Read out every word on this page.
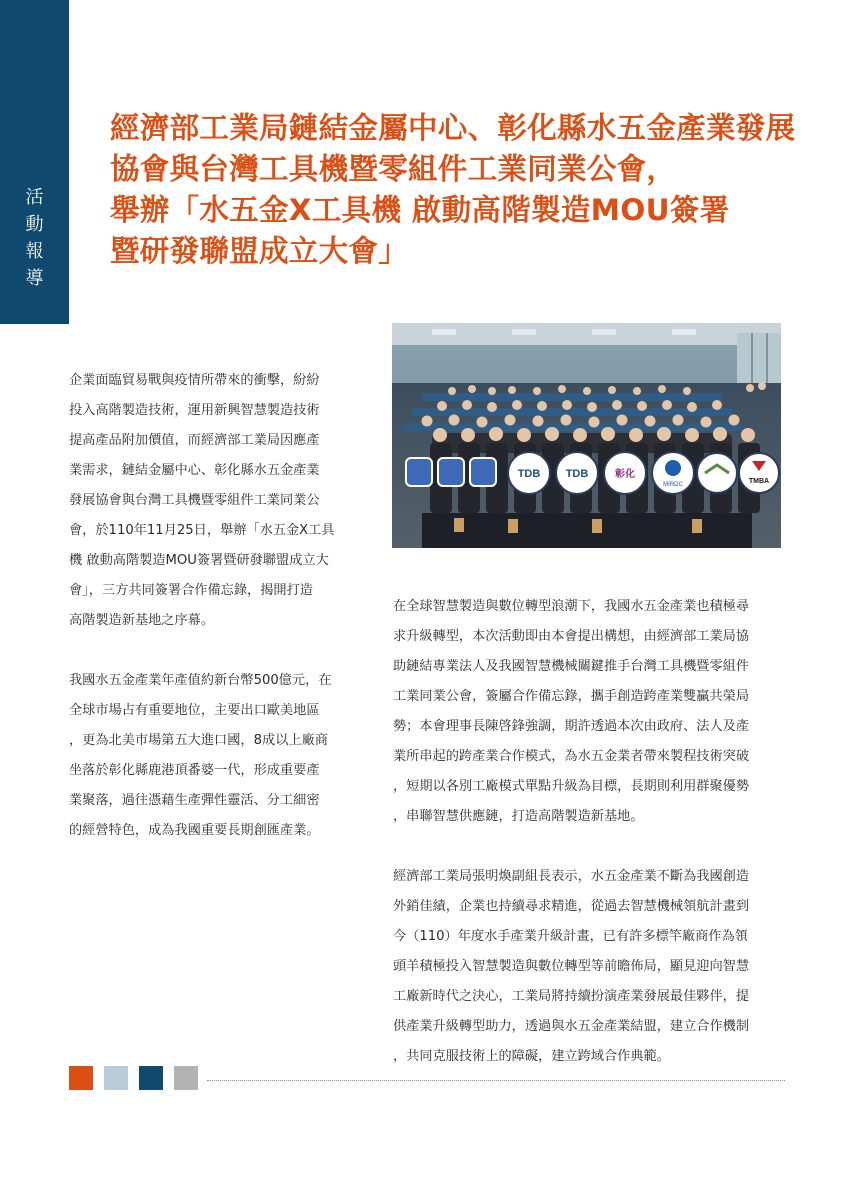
活
動
報
導
經濟部工業局鏈結金屬中心、彰化縣水五金產業發展
協會與台灣工具機暨零組件工業同業公會，
舉辦「水五金X工具機 啟動高階製造MOU簽署
暨研發聯盟成立大會」
TDB TDB	彰化
MIRDC	TMBA

企業面臨貿易戰與疫情所帶來的衝擊，紛紛
投入高階製造技術，運用新興智慧製造技術
提高產品附加價值，而經濟部工業局因應產
業需求，鏈結金屬中心、彰化縣水五金產業
發展協會與台灣工具機暨零組件工業同業公
會，於110年11月25日，舉辦「水五金X工具
機 啟動高階製造MOU簽署暨研發聯盟成立大
會」，三方共同簽署合作備忘錄，揭開打造
高階製造新基地之序幕。

我國水五金產業年產值約新台幣500億元，在
全球市場占有重要地位，主要出口歐美地區
，更為北美市場第五大進口國，8成以上廠商
坐落於彰化縣鹿港頂番婆一代，形成重要產
業聚落，過往憑藉生產彈性靈活、分工細密
的經營特色，成為我國重要長期創匯產業。

在全球智慧製造與數位轉型浪潮下，我國水五金產業也積極尋
求升級轉型，本次活動即由本會提出構想，由經濟部工業局協
助鏈結專業法人及我國智慧機械關鍵推手台灣工具機暨零組件
工業同業公會，簽屬合作備忘錄，攜手創造跨產業雙贏共榮局
勢；本會理事長陳啓鋒強調，期許透過本次由政府、法人及產
業所串起的跨產業合作模式，為水五金業者帶來製程技術突破
，短期以各別工廠模式單點升級為目標，長期則利用群聚優勢
，串聯智慧供應鏈，打造高階製造新基地。

經濟部工業局張明煥副組長表示，水五金產業不斷為我國創造
外銷佳績，企業也持續尋求精進，從過去智慧機械領航計畫到
今（110）年度水手產業升級計畫，已有許多標竿廠商作為領
頭羊積極投入智慧製造與數位轉型等前瞻佈局，顯見迎向智慧
工廠新時代之決心，工業局將持續扮演產業發展最佳夥伴，提
供產業升級轉型助力，透過與水五金產業結盟，建立合作機制
，共同克服技術上的障礙，建立跨域合作典範。
